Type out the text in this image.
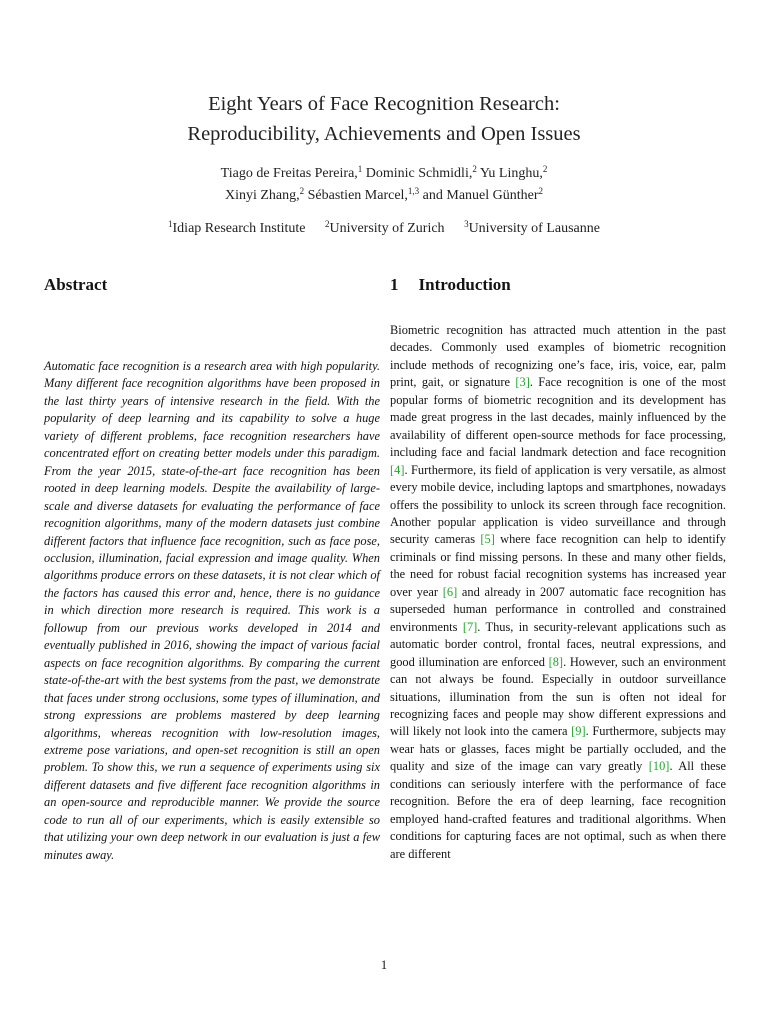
Eight Years of Face Recognition Research:
Reproducibility, Achievements and Open Issues
Tiago de Freitas Pereira,$^1$ Dominic Schmidli,$^2$ Yu Linghu,$^2$
Xinyi Zhang,$^2$ Sébastien Marcel,$^{1,3}$ and Manuel Günther$^2$
$^1$Idiap Research Institute $^2$University of Zurich $^3$University of Lausanne
Abstract	1 Introduction

Automatic face recognition is a research area with high popularity. Many different face recognition algorithms have been proposed in the last thirty years of intensive research in the field. With the popularity of deep learning and its capability to solve a huge variety of different problems, face recognition researchers have concentrated effort on creating better models under this paradigm. From the year 2015, state-of-the-art face recognition has been rooted in deep learning models. Despite the availability of large-scale and diverse datasets for evaluating the performance of face recognition algorithms, many of the modern datasets just combine different factors that influence face recognition, such as face pose, occlusion, illumination, facial expression and image quality. When algorithms produce errors on these datasets, it is not clear which of the factors has caused this error and, hence, there is no guidance in which direction more research is required. This work is a followup from our previous works developed in 2014 and eventually published in 2016, showing the impact of various facial aspects on face recognition algorithms. By comparing the current state-of-the-art with the best systems from the past, we demonstrate that faces under strong occlusions, some types of illumination, and strong expressions are problems mastered by deep learning algorithms, whereas recognition with low-resolution images, extreme pose variations, and open-set recognition is still an open problem. To show this, we run a sequence of experiments using six different datasets and five different face recognition algorithms in an open-source and reproducible manner. We provide the source code to run all of our experiments, which is easily extensible so that utilizing your own deep network in our evaluation is just a few minutes away.

Biometric recognition has attracted much attention in the past decades. Commonly used examples of biometric recognition include methods of recognizing one’s face, iris, voice, ear, palm print, gait, or signature [3]. Face recognition is one of the most popular forms of biometric recognition and its development has made great progress in the last decades, mainly influenced by the availability of different open-source methods for face processing, including face and facial landmark detection and face recognition [4]. Furthermore, its field of application is very versatile, as almost every mobile device, including laptops and smartphones, nowadays offers the possibility to unlock its screen through face recognition. Another popular application is video surveillance and through security cameras [5] where face recognition can help to identify criminals or find missing persons. In these and many other fields, the need for robust facial recognition systems has increased year over year [6] and already in 2007 automatic face recognition has superseded human performance in controlled and constrained environments [7]. Thus, in security-relevant applications such as automatic border control, frontal faces, neutral expressions, and good illumination are enforced [8]. However, such an environment can not always be found. Especially in outdoor surveillance situations, illumination from the sun is often not ideal for recognizing faces and people may show different expressions and will likely not look into the camera [9]. Furthermore, subjects may wear hats or glasses, faces might be partially occluded, and the quality and size of the image can vary greatly [10]. All these conditions can seriously interfere with the performance of face recognition. Before the era of deep learning, face recognition employed hand-crafted features and traditional algorithms. When conditions for capturing faces are not optimal, such as when there are different

1
